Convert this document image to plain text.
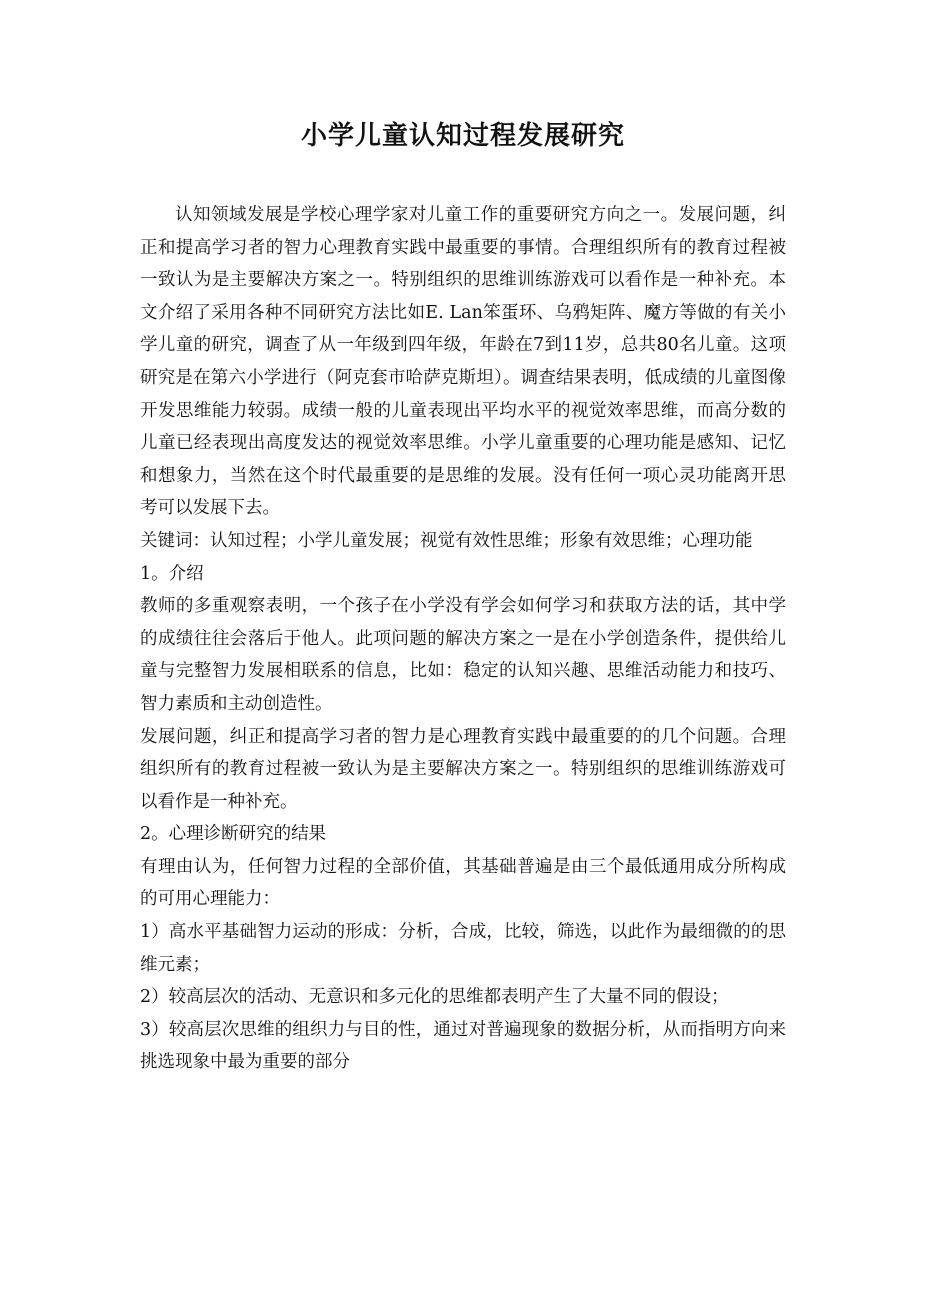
小学儿童认知过程发展研究

认知领域发展是学校心理学家对儿童工作的重要研究方向之一。发展问题，纠正和提高学习者的智力心理教育实践中最重要的事情。合理组织所有的教育过程被一致认为是主要解决方案之一。特别组织的思维训练游戏可以看作是一种补充。本文介绍了采用各种不同研究方法比如E. Lan笨蛋环、乌鸦矩阵、魔方等做的有关小学儿童的研究，调查了从一年级到四年级，年龄在7到11岁，总共80名儿童。这项研究是在第六小学进行（阿克套市哈萨克斯坦）。调查结果表明，低成绩的儿童图像开发思维能力较弱。成绩一般的儿童表现出平均水平的视觉效率思维，而高分数的儿童已经表现出高度发达的视觉效率思维。小学儿童重要的心理功能是感知、记忆和想象力，当然在这个时代最重要的是思维的发展。没有任何一项心灵功能离开思考可以发展下去。

关键词：认知过程；小学儿童发展；视觉有效性思维；形象有效思维；心理功能

1。介绍

教师的多重观察表明，一个孩子在小学没有学会如何学习和获取方法的话，其中学的成绩往往会落后于他人。此项问题的解决方案之一是在小学创造条件，提供给儿童与完整智力发展相联系的信息，比如：稳定的认知兴趣、思维活动能力和技巧、智力素质和主动创造性。

发展问题，纠正和提高学习者的智力是心理教育实践中最重要的的几个问题。合理组织所有的教育过程被一致认为是主要解决方案之一。特别组织的思维训练游戏可以看作是一种补充。

2。心理诊断研究的结果

有理由认为，任何智力过程的全部价值，其基础普遍是由三个最低通用成分所构成的可用心理能力：

1）高水平基础智力运动的形成：分析，合成，比较，筛选，以此作为最细微的的思维元素；

2）较高层次的活动、无意识和多元化的思维都表明产生了大量不同的假设；

3）较高层次思维的组织力与目的性，通过对普遍现象的数据分析，从而指明方向来挑选现象中最为重要的部分
